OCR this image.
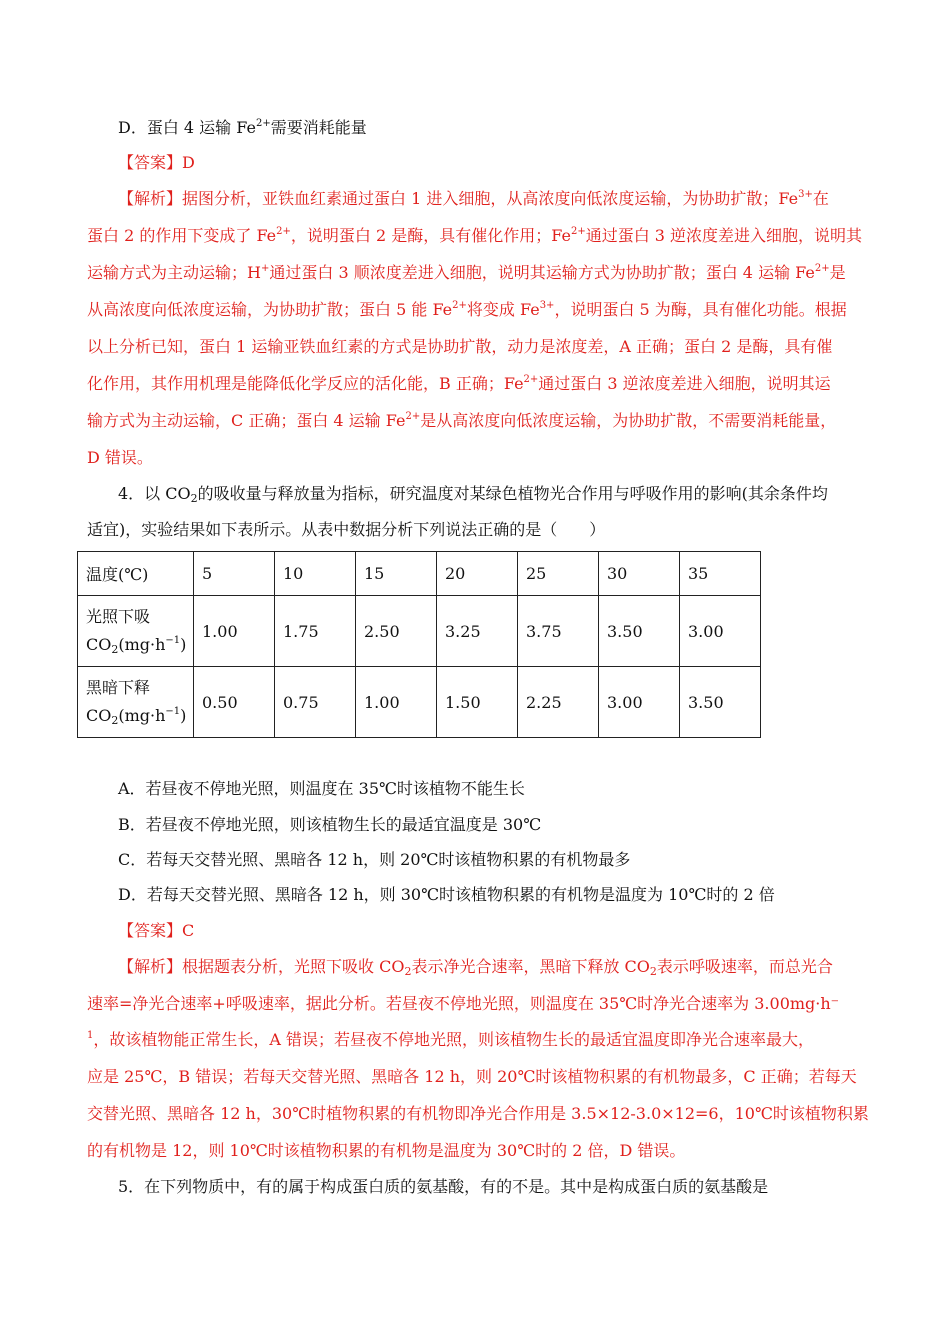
D．蛋白 4 运输 $Fe^{2+}$需要消耗能量
【答案】D
【解析】据图分析，亚铁血红素通过蛋白 1 进入细胞，从高浓度向低浓度运输，为协助扩散；$Fe^{3+}$在
蛋白 2 的作用下变成了 $Fe^{2+}$，说明蛋白 2 是酶，具有催化作用；$Fe^{2+}$通过蛋白 3 逆浓度差进入细胞，说明其
运输方式为主动运输；H+通过蛋白 3 顺浓度差进入细胞，说明其运输方式为协助扩散；蛋白 4 运输 $Fe^{2+}$是
从高浓度向低浓度运输，为协助扩散；蛋白 5 能 $Fe^{2+}$将变成 $Fe^{3+}$，说明蛋白 5 为酶，具有催化功能。根据
以上分析已知，蛋白 1 运输亚铁血红素的方式是协助扩散，动力是浓度差，A 正确；蛋白 2 是酶，具有催
化作用，其作用机理是能降低化学反应的活化能，B 正确；$Fe^{2+}$通过蛋白 3 逆浓度差进入细胞，说明其运
输方式为主动运输，C 正确；蛋白 4 运输 $Fe^{2+}$是从高浓度向低浓度运输，为协助扩散，不需要消耗能量，
D 错误。
4．以 $CO_2$的吸收量与释放量为指标，研究温度对某绿色植物光合作用与呼吸作用的影响(其余条件均
适宜)，实验结果如下表所示。从表中数据分析下列说法正确的是（　　）
温度(℃)	5	10	15	20	25	30	35

光照下吸
$CO_2(mg\cdot h^{-1})$	1.00	1.75	2.50	3.25	3.75	3.50	3.00

黑暗下释
$CO_2(mg\cdot h^{-1})$	0.50	0.75	1.00	1.50	2.25	3.00	3.50
A．若昼夜不停地光照，则温度在 35℃时该植物不能生长
B．若昼夜不停地光照，则该植物生长的最适宜温度是 30℃
C．若每天交替光照、黑暗各 12 h，则 20℃时该植物积累的有机物最多
D．若每天交替光照、黑暗各 12 h，则 30℃时该植物积累的有机物是温度为 10℃时的 2 倍
【答案】C
【解析】根据题表分析，光照下吸收 $CO_2$表示净光合速率，黑暗下释放 $CO_2$表示呼吸速率，而总光合
速率=净光合速率+呼吸速率，据此分析。若昼夜不停地光照，则温度在 35℃时净光合速率为 3.00mg·h⁻
$^1$，故该植物能正常生长，A 错误；若昼夜不停地光照，则该植物生长的最适宜温度即净光合速率最大，
应是 25℃，B 错误；若每天交替光照、黑暗各 12 h，则 20℃时该植物积累的有机物最多，C 正确；若每天
交替光照、黑暗各 12 h，30℃时植物积累的有机物即净光合作用是 3.5×12-3.0×12=6，10℃时该植物积累
的有机物是 12，则 10℃时该植物积累的有机物是温度为 30℃时的 2 倍，D 错误。
5．在下列物质中，有的属于构成蛋白质的氨基酸，有的不是。其中是构成蛋白质的氨基酸是
